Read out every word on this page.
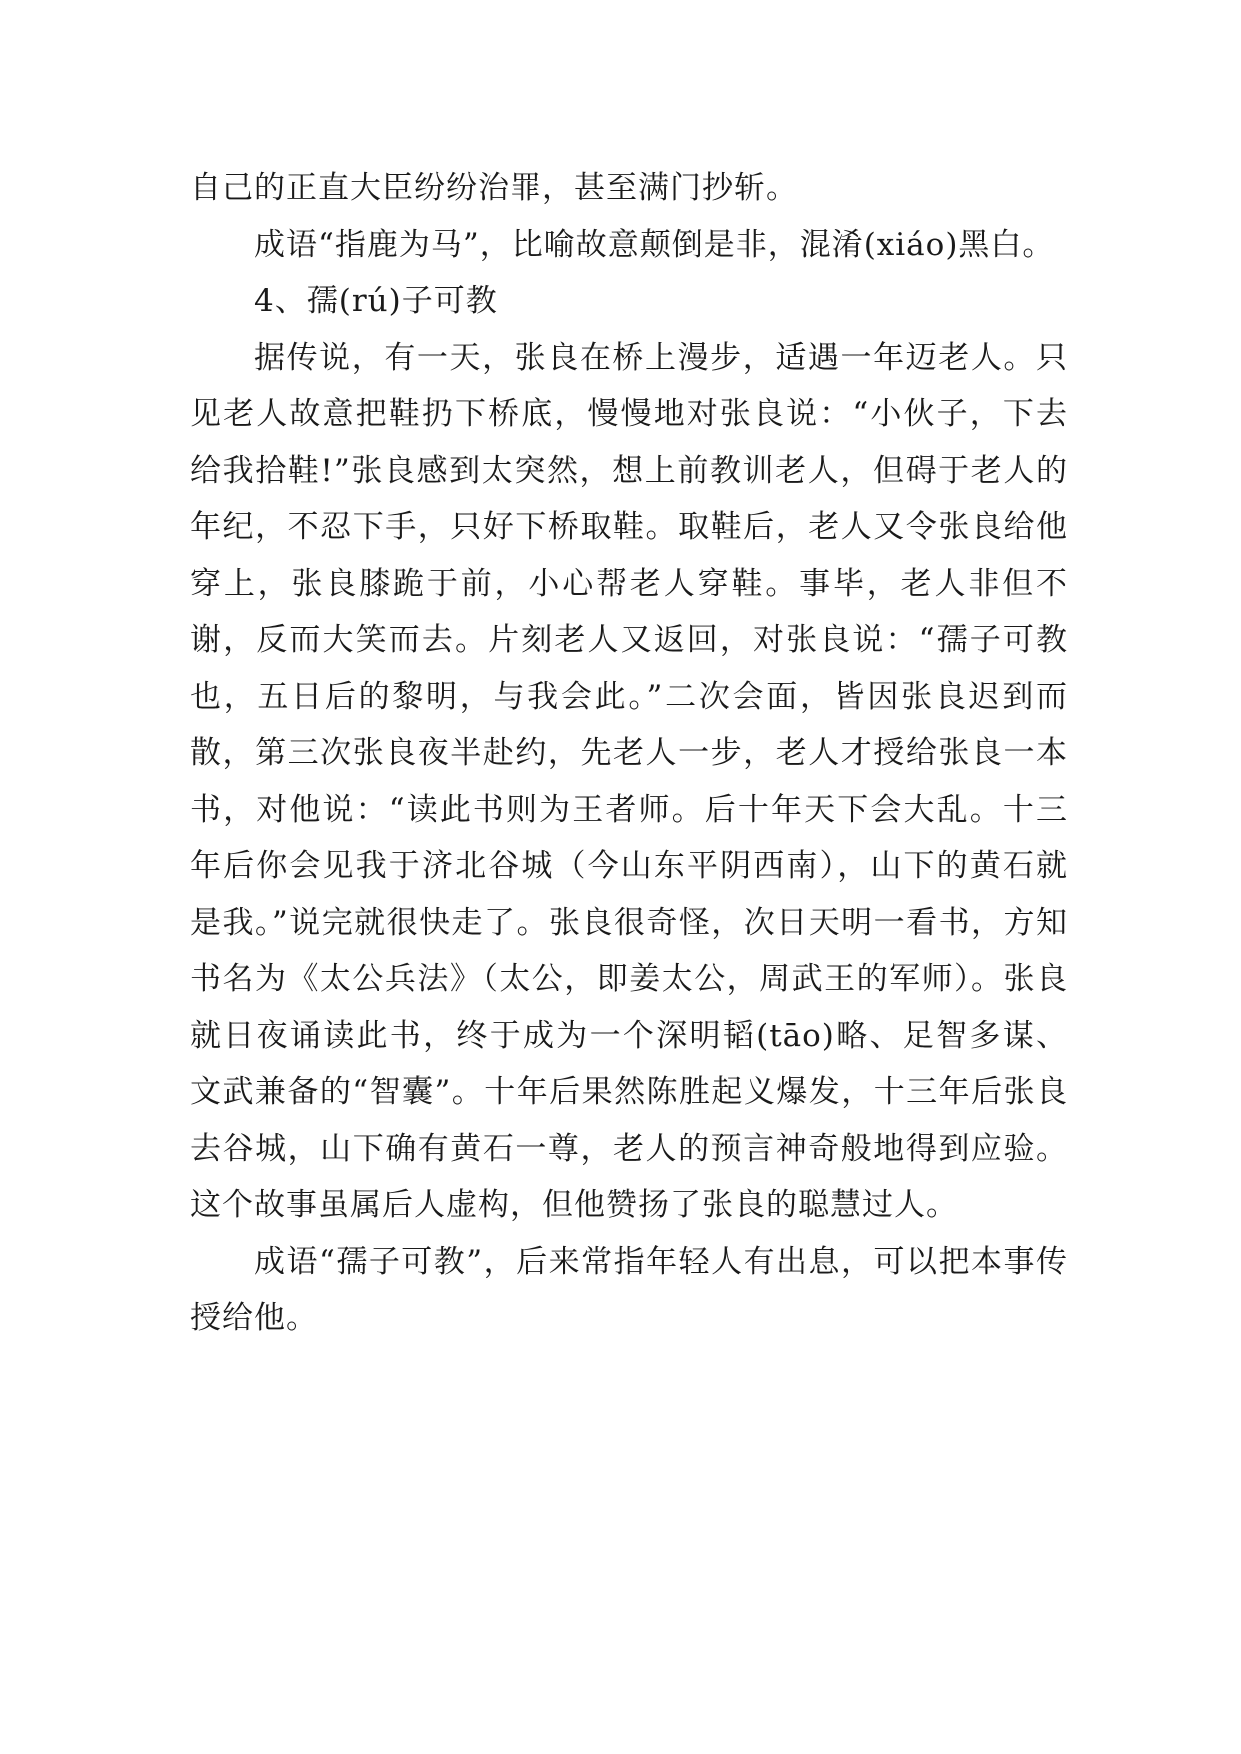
自己的正直大臣纷纷治罪，甚至满门抄斩。

成语“指鹿为马”，比喻故意颠倒是非，混淆(xiáo)黑白。

4、孺(rú)子可教

据传说，有一天，张良在桥上漫步，适遇一年迈老人。只见老人故意把鞋扔下桥底，慢慢地对张良说：“小伙子，下去给我拾鞋!”张良感到太突然，想上前教训老人，但碍于老人的年纪，不忍下手，只好下桥取鞋。取鞋后，老人又令张良给他穿上，张良膝跪于前，小心帮老人穿鞋。事毕，老人非但不谢，反而大笑而去。片刻老人又返回，对张良说：“孺子可教也，五日后的黎明，与我会此。”二次会面，皆因张良迟到而散，第三次张良夜半赴约，先老人一步，老人才授给张良一本书，对他说：“读此书则为王者师。后十年天下会大乱。十三年后你会见我于济北谷城（今山东平阴西南），山下的黄石就是我。”说完就很快走了。张良很奇怪，次日天明一看书，方知书名为《太公兵法》（太公，即姜太公，周武王的军师）。张良就日夜诵读此书，终于成为一个深明韬(tāo)略、足智多谋、文武兼备的“智囊”。十年后果然陈胜起义爆发，十三年后张良去谷城，山下确有黄石一尊，老人的预言神奇般地得到应验。这个故事虽属后人虚构，但他赞扬了张良的聪慧过人。

成语“孺子可教”，后来常指年轻人有出息，可以把本事传授给他。
